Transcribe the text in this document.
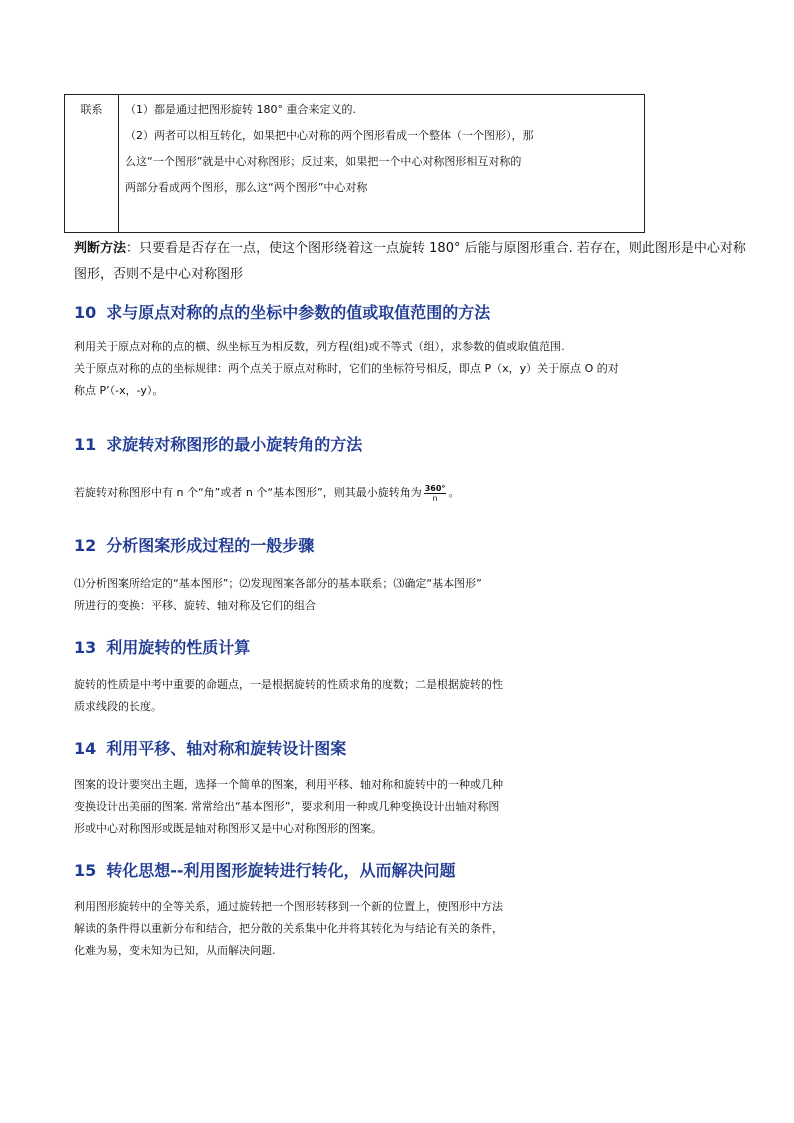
联系	（1）都是通过把图形旋转 180° 重合来定义的.

（2）两者可以相互转化，如果把中心对称的两个图形看成一个整体（一个图形），那

么这“一个图形”就是中心对称图形；反过来，如果把一个中心对称图形相互对称的

两部分看成两个图形，那么这“两个图形”中心对称

判断方法：只要看是否存在一点，使这个图形绕着这一点旋转 180° 后能与原图形重合. 若存在，则此图形是中心对称图形，否则不是中心对称图形
10 求与原点对称的点的坐标中参数的值或取值范围的方法

利用关于原点对称的点的横、纵坐标互为相反数，列方程(组)或不等式（组），求参数的值或取值范围.

关于原点对称的点的坐标规律：两个点关于原点对称时，它们的坐标符号相反，即点 P（x，y）关于原点 O 的对

称点 P’（-x，-y）。

11 求旋转对称图形的最小旋转角的方法

若旋转对称图形中有 n 个“角”或者 n 个“基本图形”，则其最小旋转角为 $\frac{360^\circ}{n}$ 。

12 分析图案形成过程的一般步骤

⑴分析图案所给定的“基本图形”；⑵发现图案各部分的基本联系；⑶确定“基本图形”

所进行的变换：平移、旋转、轴对称及它们的组合

13 利用旋转的性质计算

旋转的性质是中考中重要的命题点，一是根据旋转的性质求角的度数；二是根据旋转的性

质求线段的长度。

14 利用平移、轴对称和旋转设计图案

图案的设计要突出主题，选择一个简单的图案，利用平移、轴对称和旋转中的一种或几种

变换设计出美丽的图案. 常常给出“基本图形”，要求利用一种或几种变换设计出轴对称图

形或中心对称图形或既是轴对称图形又是中心对称图形的图案。

15 转化思想--利用图形旋转进行转化，从而解决问题

利用图形旋转中的全等关系，通过旋转把一个图形转移到一个新的位置上，使图形中方法

解读的条件得以重新分布和结合，把分散的关系集中化并将其转化为与结论有关的条件，

化难为易，变未知为已知，从而解决问题.
